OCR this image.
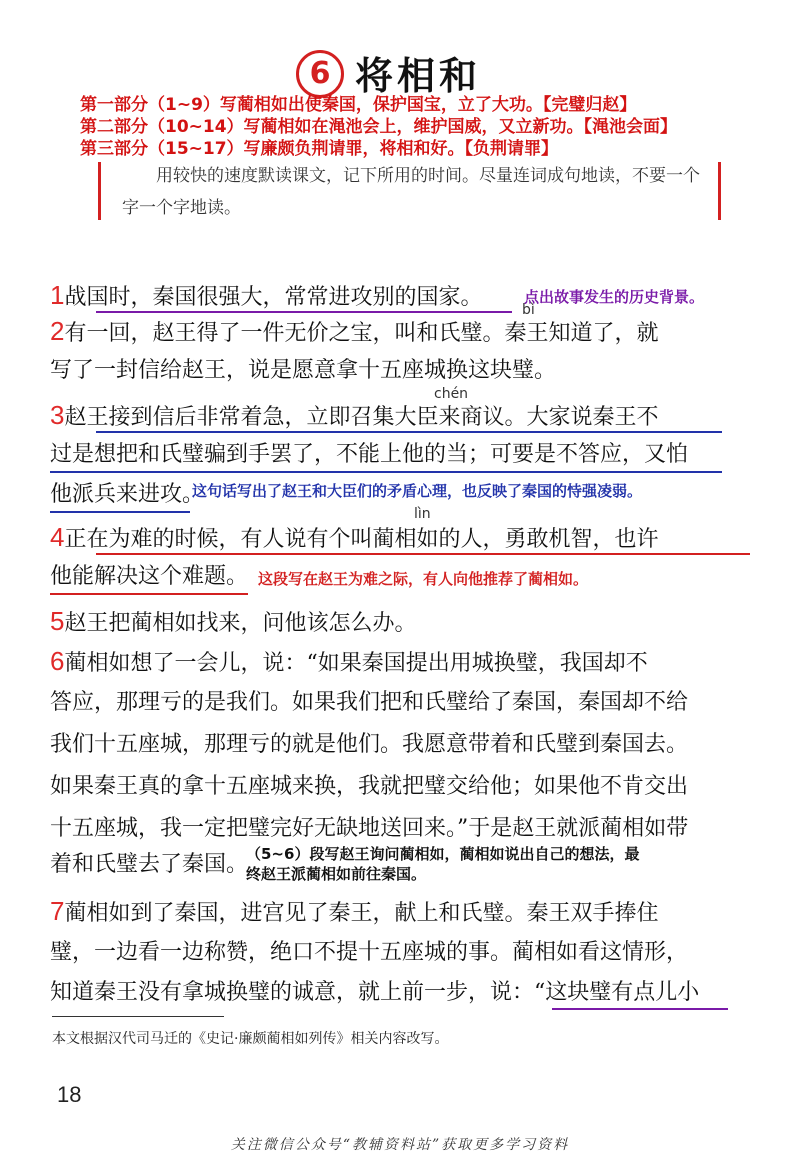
6 将相和
第一部分（1~9）写蔺相如出使秦国，保护国宝，立了大功。【完璧归赵】
第二部分（10~14）写蔺相如在渑池会上，维护国威，又立新功。【渑池会面】
第三部分（15~17）写廉颇负荆请罪，将相和好。【负荆请罪】
用较快的速度默读课文，记下所用的时间。尽量连词成句地读，不要一个字一个字地读。
1战国时，秦国很强大，常常进攻别的国家。	点出故事发生的历史背景。
bì
2有一回，赵王得了一件无价之宝，叫和氏璧。秦王知道了，就
写了一封信给赵王，说是愿意拿十五座城换这块璧。
chén
3赵王接到信后非常着急，立即召集大臣来商议。大家说秦王不
过是想把和氏璧骗到手罢了，不能上他的当；可要是不答应，又怕
他派兵来进攻。
这句话写出了赵王和大臣们的矛盾心理，也反映了秦国的恃强凌弱。
lìn
4正在为难的时候，有人说有个叫蔺相如的人，勇敢机智，也许
他能解决这个难题。 这段写在赵王为难之际，有人向他推荐了蔺相如。
5赵王把蔺相如找来，问他该怎么办。
6蔺相如想了一会儿，说：“如果秦国提出用城换璧，我国却不
答应，那理亏的是我们。如果我们把和氏璧给了秦国，秦国却不给
我们十五座城，那理亏的就是他们。我愿意带着和氏璧到秦国去。
如果秦王真的拿十五座城来换，我就把璧交给他；如果他不肯交出
十五座城，我一定把璧完好无缺地送回来。”于是赵王就派蔺相如带
着和氏璧去了秦国。
（5~6）段写赵王询问蔺相如，蔺相如说出自己的想法，最
终赵王派蔺相如前往秦国。
7蔺相如到了秦国，进宫见了秦王，献上和氏璧。秦王双手捧住
璧，一边看一边称赞，绝口不提十五座城的事。蔺相如看这情形，
知道秦王没有拿城换璧的诚意，就上前一步，说：“这块璧有点儿小
本文根据汉代司马迁的《史记·廉颇蔺相如列传》相关内容改写。
18
关注微信公众号“教辅资料站”获取更多学习资料
